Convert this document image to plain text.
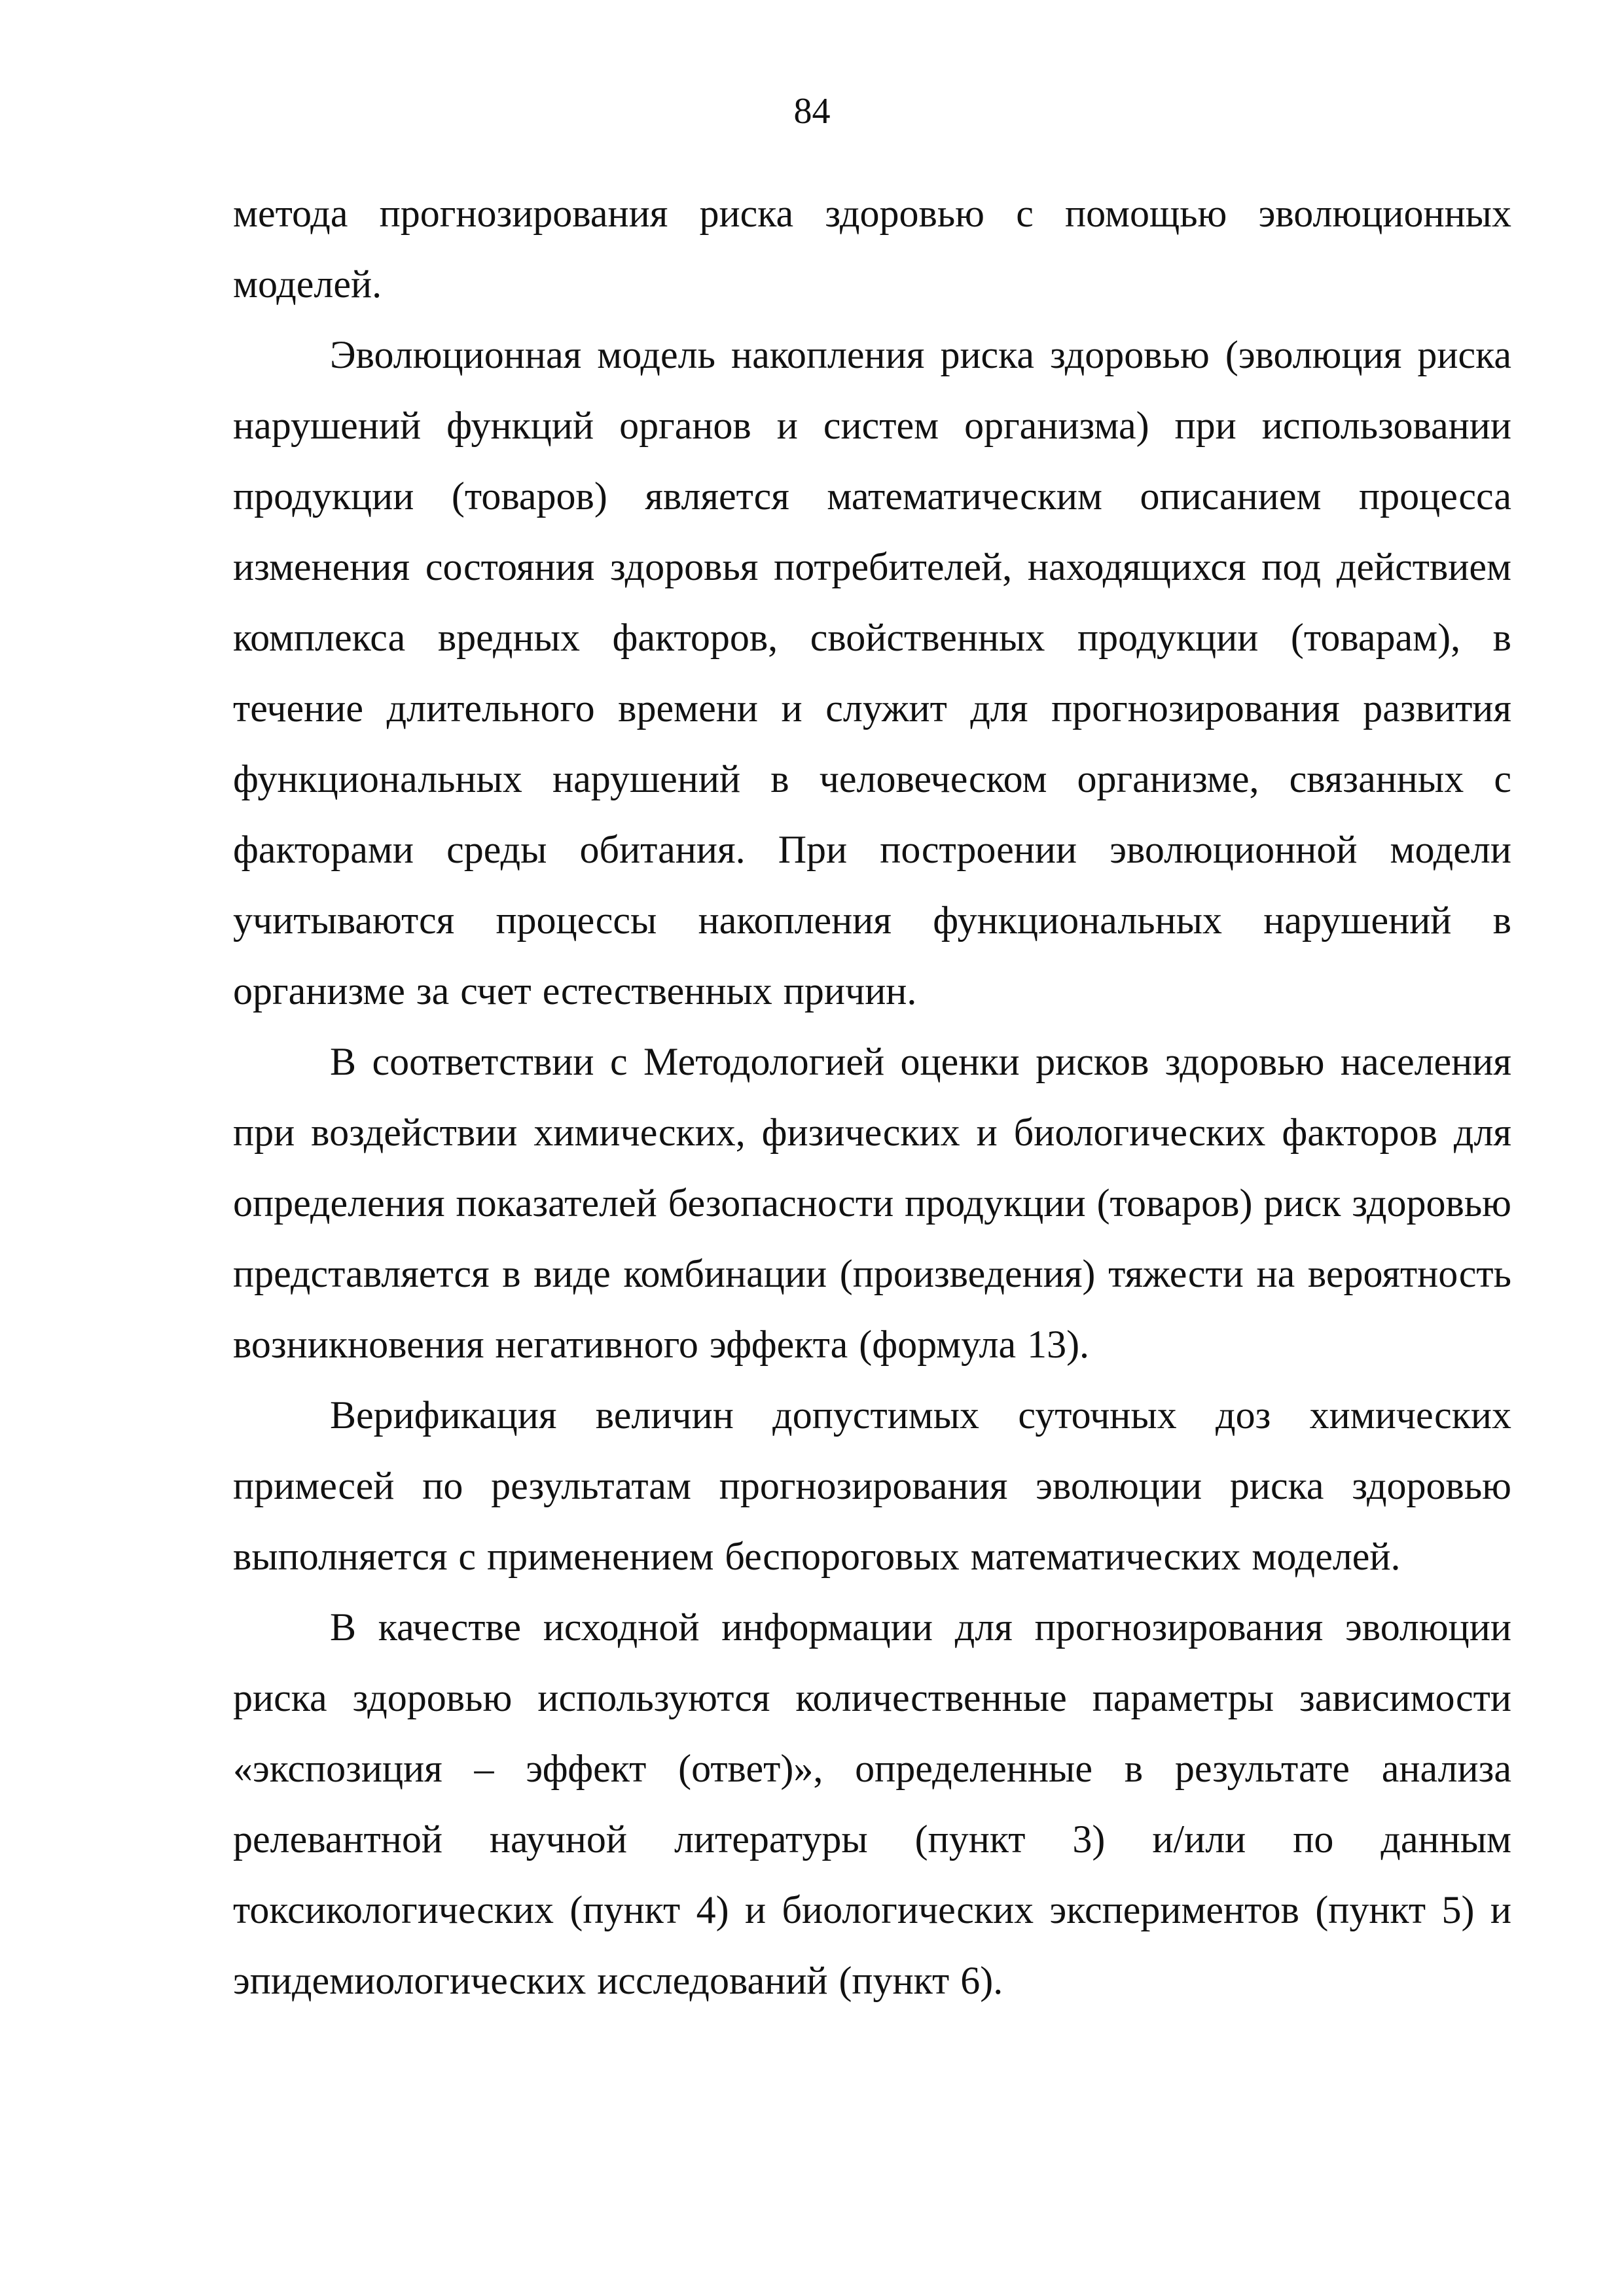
84

метода прогнозирования риска здоровью с помощью эволюционных моделей.

Эволюционная модель накопления риска здоровью (эволюция риска нарушений функций органов и систем организма) при использовании продукции (товаров) является математическим описанием процесса изменения состояния здоровья потребителей, находящихся под действием комплекса вредных факторов, свойственных продукции (товарам), в течение длительного времени и служит для прогнозирования развития функциональных нарушений в человеческом организме, связанных с факторами среды обитания. При построении эволюционной модели учитываются процессы накопления функциональных нарушений в организме за счет естественных причин.

В соответствии с Методологией оценки рисков здоровью населения при воздействии химических, физических и биологических факторов для определения показателей безопасности продукции (товаров) риск здоровью представляется в виде комбинации (произведения) тяжести на вероятность возникновения негативного эффекта (формула 13).

Верификация величин допустимых суточных доз химических примесей по результатам прогнозирования эволюции риска здоровью выполняется с применением беспороговых математических моделей.

В качестве исходной информации для прогнозирования эволюции риска здоровью используются количественные параметры зависимости «экспозиция – эффект (ответ)», определенные в результате анализа релевантной научной литературы (пункт 3) и/или по данным токсикологических (пункт 4) и биологических экспериментов (пункт 5) и эпидемиологических исследований (пункт 6).
